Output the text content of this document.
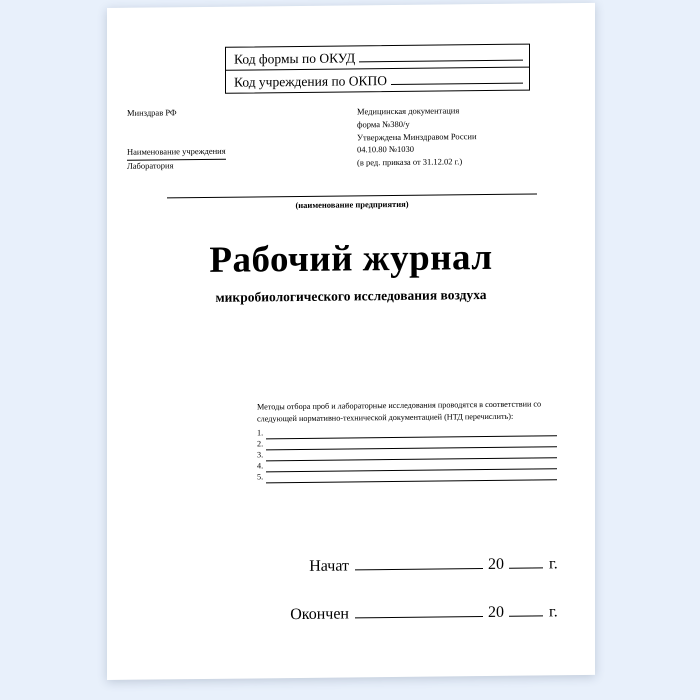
Код формы по ОКУД
Код учреждения по ОКПО
Минздрав РФ
Наименование учреждения
Лаборатория
Медицинская документация
форма №380/у
Утверждена Минздравом России
04.10.80 №1030
(в ред. приказа от 31.12.02 г.)
(наименование предприятия)
Рабочий журнал
микробиологического исследования воздуха
Методы отбора проб и лабораторные исследования проводятся в соответствии со
следующей нормативно-технической документацией (НТД перечислить):
1.
2.
3.
4.
5.
Начат	20	г.
Окончен	20	г.
